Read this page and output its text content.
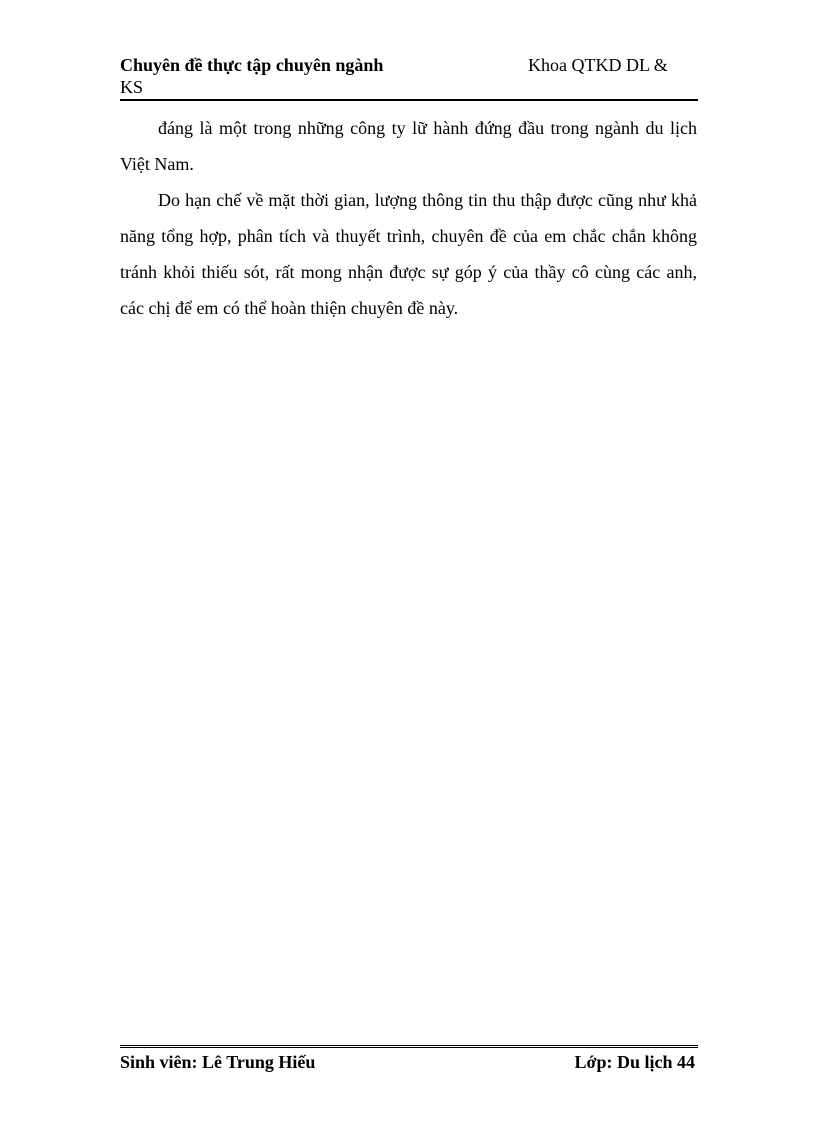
Chuyên đề thực tập chuyên ngành	Khoa QTKD DL &
KS

đáng là một trong những công ty lữ hành đứng đầu trong ngành du lịch Việt Nam.

Do hạn chế về mặt thời gian, lượng thông tin thu thập được cũng như khả năng tổng hợp, phân tích và thuyết trình, chuyên đề của em chắc chắn không tránh khỏi thiếu sót, rất mong nhận được sự góp ý của thầy cô cùng các anh, các chị để em có thể hoàn thiện chuyên đề này.

Sinh viên: Lê Trung Hiếu	Lớp: Du lịch 44
